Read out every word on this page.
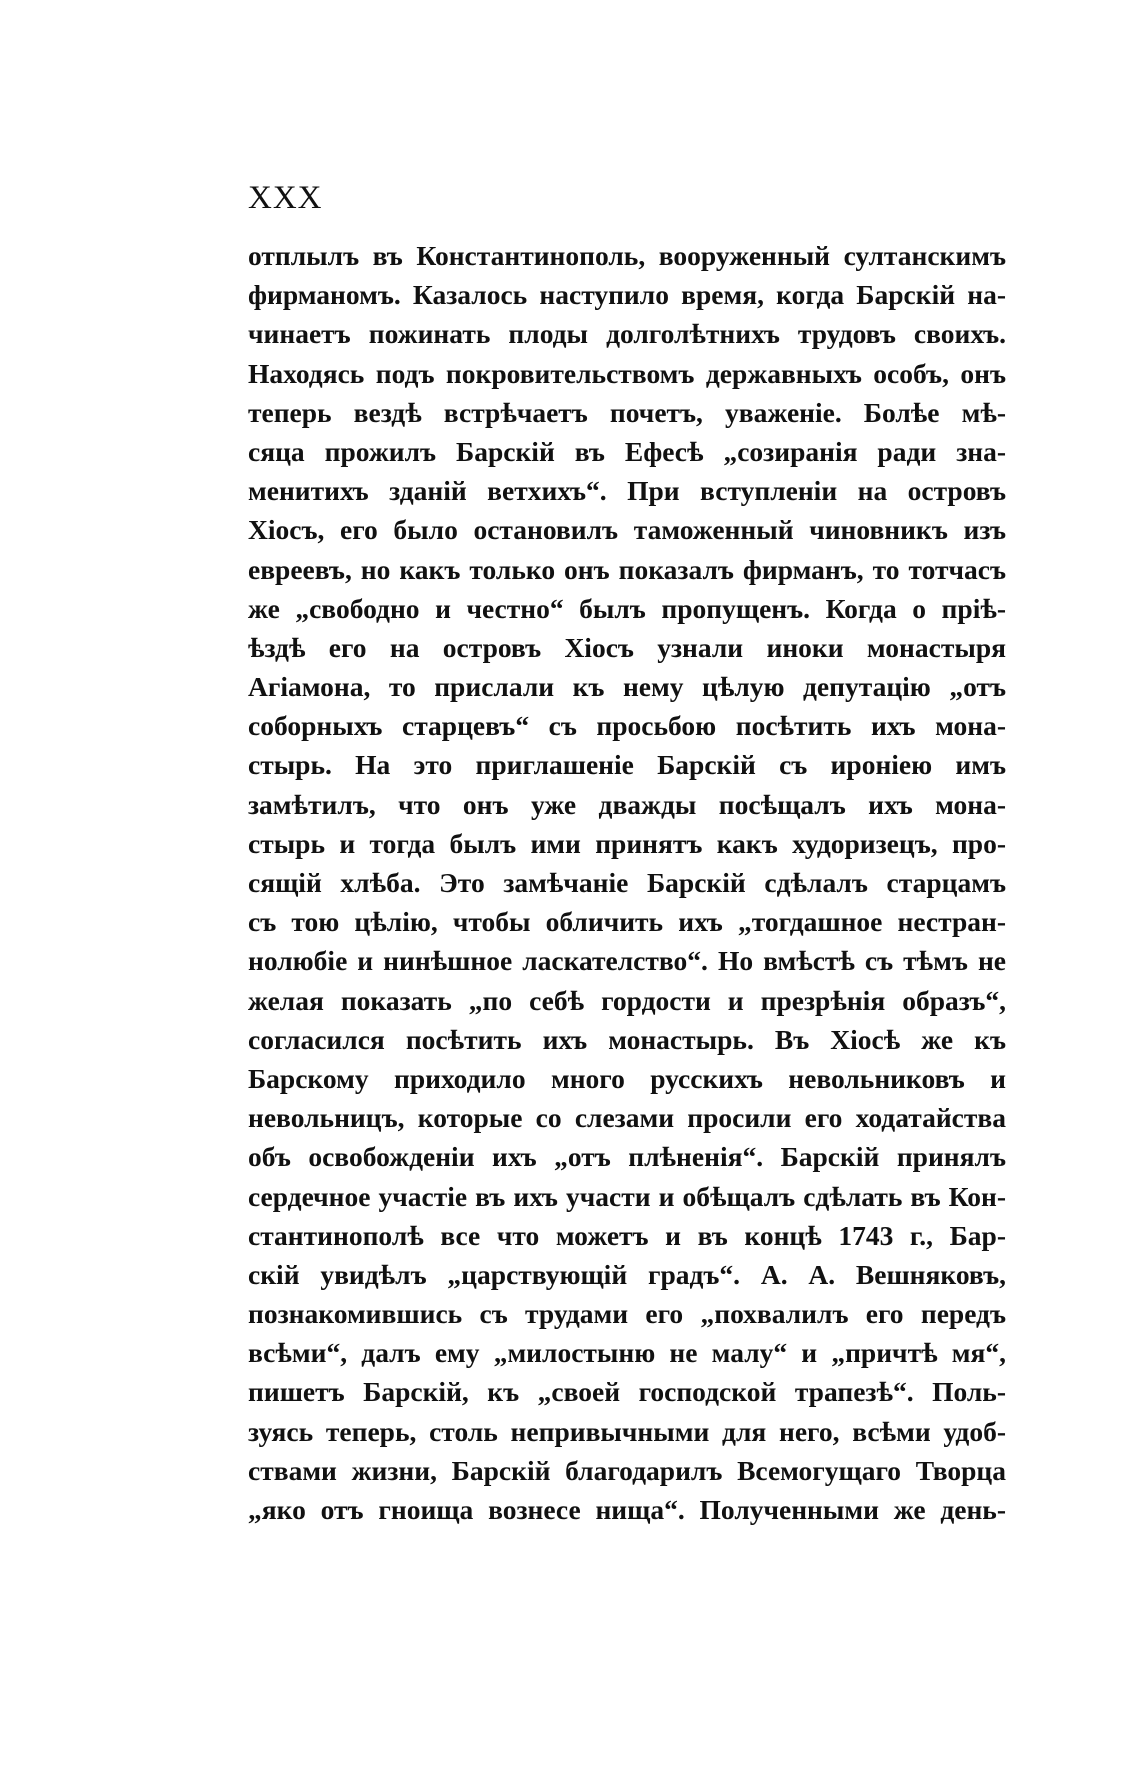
XXX
отплылъ въ Константинополь, вооруженный султанскимъ
фирманомъ. Казалось наступило время, когда Барскій на-
чинаетъ пожинать плоды долголѣтнихъ трудовъ своихъ.
Находясь подъ покровительствомъ державныхъ особъ, онъ
теперь вездѣ встрѣчаетъ почетъ, уваженіе. Болѣе мѣ-
сяца прожилъ Барскій въ Ефесѣ „созиранія ради зна-
менитихъ зданій ветхихъ“. При вступленіи на островъ
Хіосъ, его было остановилъ таможенный чиновникъ изъ
евреевъ, но какъ только онъ показалъ фирманъ, то тотчасъ
же „свободно и честно“ былъ пропущенъ. Когда о пріѣ-
ѣздѣ его на островъ Хіосъ узнали иноки монастыря
Агіамона, то прислали къ нему цѣлую депутацію „отъ
соборныхъ старцевъ“ съ просьбою посѣтить ихъ мона-
стырь. На это приглашеніе Барскій съ ироніею имъ
замѣтилъ, что онъ уже дважды посѣщалъ ихъ мона-
стырь и тогда былъ ими принятъ какъ худоризецъ, про-
сящій хлѣба. Это замѣчаніе Барскій сдѣлалъ старцамъ
съ тою цѣлію, чтобы обличить ихъ „тогдашное нестран-
нолюбіе и нинѣшное ласкателство“. Но вмѣстѣ съ тѣмъ не
желая показать „по себѣ гордости и презрѣнія образъ“,
согласился посѣтить ихъ монастырь. Въ Хіосѣ же къ
Барскому приходило много русскихъ невольниковъ и
невольницъ, которые со слезами просили его ходатайства
объ освобожденіи ихъ „отъ плѣненія“. Барскій принялъ
сердечное участіе въ ихъ участи и обѣщалъ сдѣлать въ Кон-
стантинополѣ все что можетъ и въ концѣ 1743 г., Бар-
скій увидѣлъ „царствующій градъ“. А. А. Вешняковъ,
познакомившись съ трудами его „похвалилъ его передъ
всѣми“, далъ ему „милостыню не малу“ и „причтѣ мя“,
пишетъ Барскій, къ „своей господской трапезѣ“. Поль-
зуясь теперь, столь непривычными для него, всѣми удоб-
ствами жизни, Барскій благодарилъ Всемогущаго Творца
„яко отъ гноища вознесе нища“. Полученными же день-
